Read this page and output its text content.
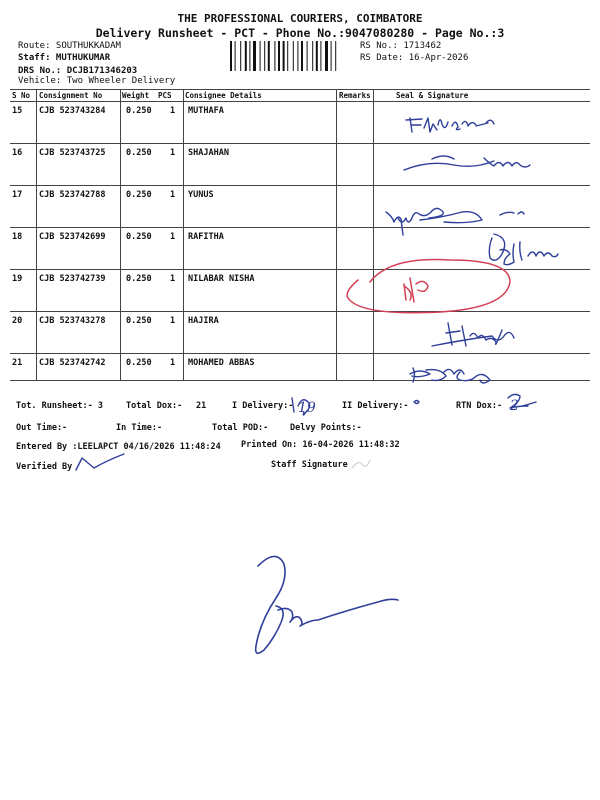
THE PROFESSIONAL COURIERS, COIMBATORE
Delivery Runsheet - PCT - Phone No.:9047080280 - Page No.:3
Route: SOUTHUKKADAM
Staff: MUTHUKUMAR
DRS No.: DCJB171346203
Vehicle: Two Wheeler Delivery
RS No.: 1713462
RS Date: 16-Apr-2026
S No Consignment No	Weight PCS Consignee Details	Remarks	Seal & Signature
15 CJB 523743284 0.250 1 MUTHAFA
16 CJB 523743725 0.250 1 SHAJAHAN
17 CJB 523742788 0.250 1 YUNUS
18 CJB 523742699 0.250 1 RAFITHA
19 CJB 523742739 0.250 1 NILABAR NISHA
20 CJB 523743278 0.250 1 HAJIRA
21 CJB 523742742 0.250 1 MOHAMED ABBAS
Tot. Runsheet:- 3	Total Dox:- 21	I Delivery:-	II Delivery:-	RTN Dox:-
Out Time:-	In Time:-	Total POD:-	Delvy Points:-
Entered By :LEELAPCT 04/16/2026 11:48:24 Printed On: 16-04-2026 11:48:32
Verified By	Staff Signature
19	2
